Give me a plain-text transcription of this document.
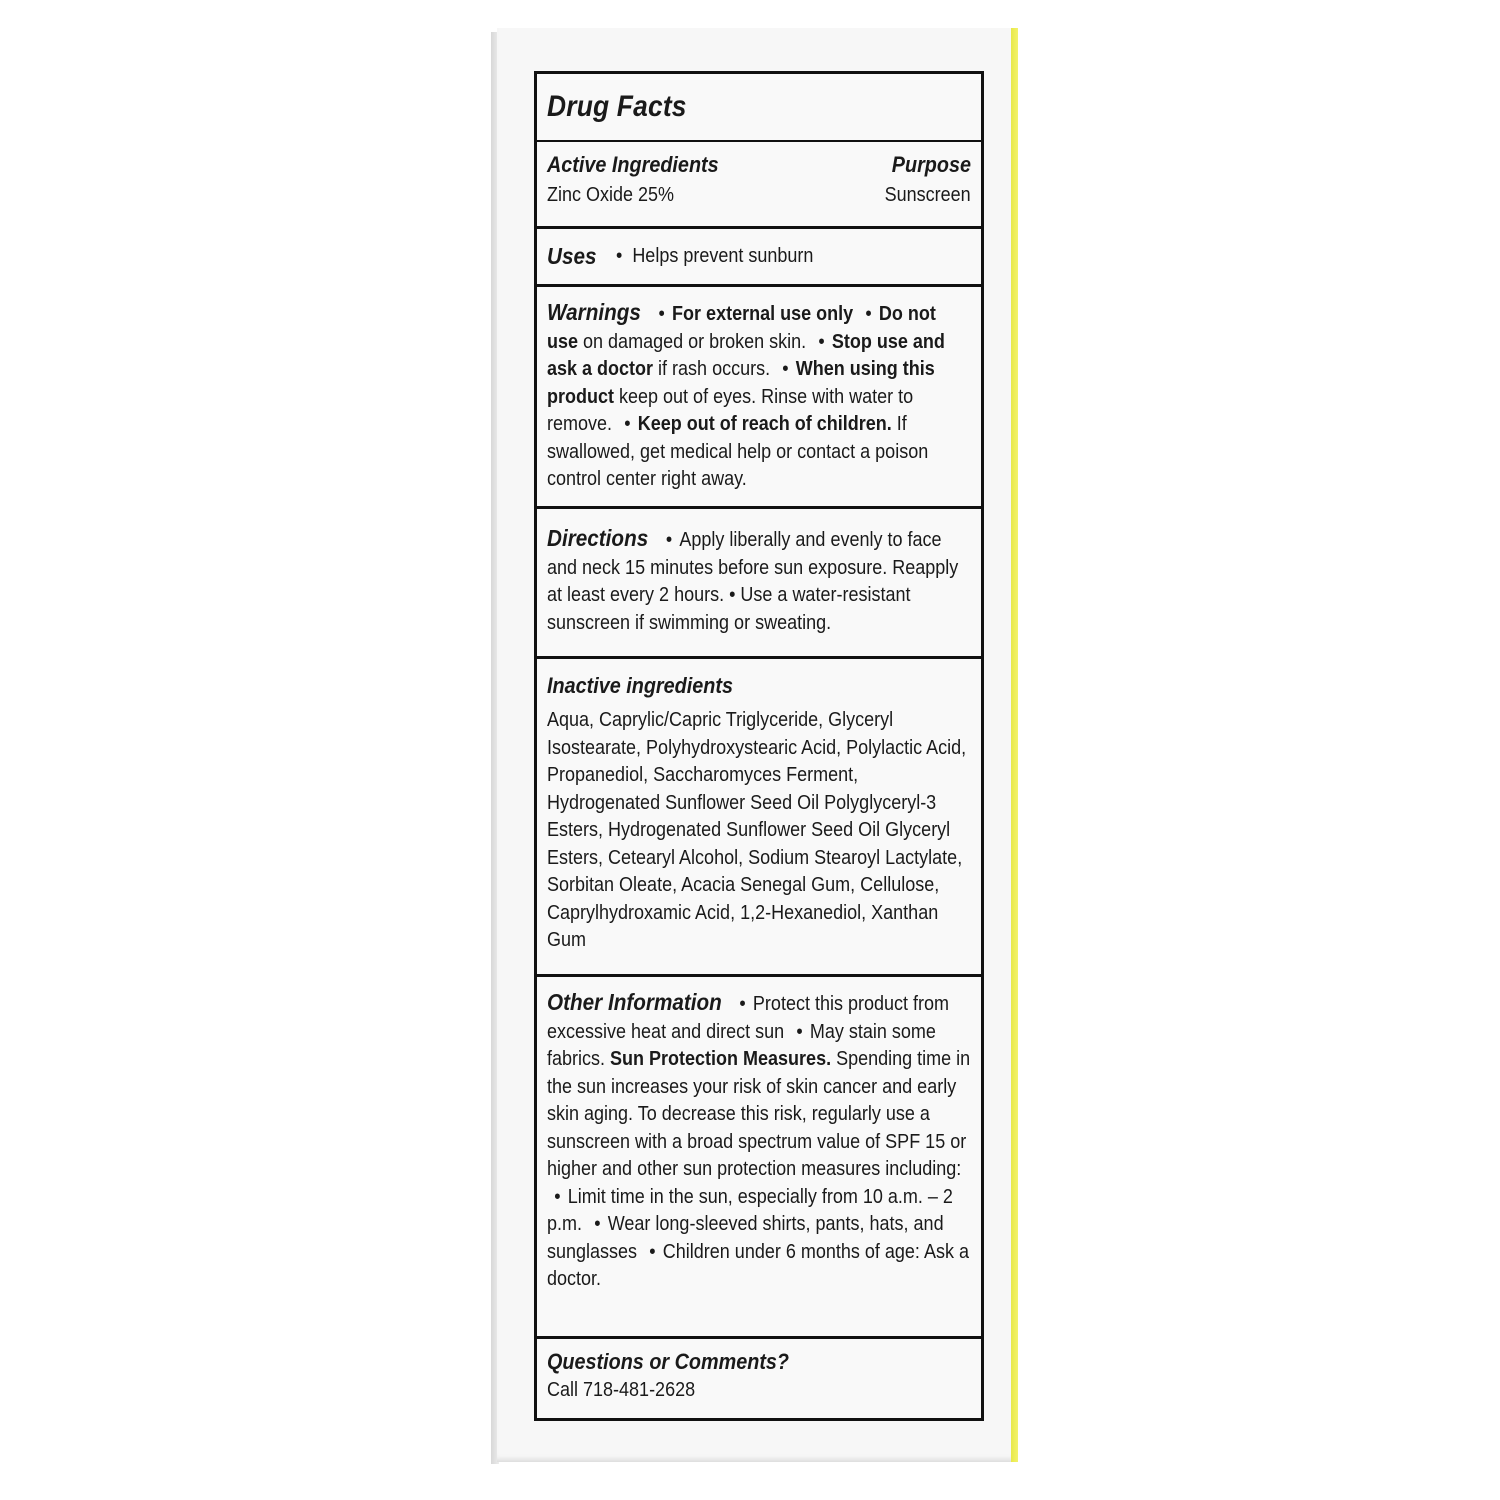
Drug Facts
Active Ingredients	Purpose
Zinc Oxide 25%	Sunscreen
Uses •  Helps prevent sunburn
Warnings • For external use only • Do not use on damaged or broken skin. • Stop use and ask a doctor if rash occurs. • When using this product keep out of eyes. Rinse with water to remove. • Keep out of reach of children. If swallowed, get medical help or contact a poison control center right away.
Directions • Apply liberally and evenly to face and neck 15 minutes before sun exposure. Reapply at least every 2 hours. • Use a water-resistant sunscreen if swimming or sweating.
Inactive ingredients
Aqua, Caprylic/Capric Triglyceride, Glyceryl Isostearate, Polyhydroxystearic Acid, Polylactic Acid, Propanediol, Saccharomyces Ferment, Hydrogenated Sunflower Seed Oil Polyglyceryl-3 Esters, Hydrogenated Sunflower Seed Oil Glyceryl Esters, Cetearyl Alcohol, Sodium Stearoyl Lactylate, Sorbitan Oleate, Acacia Senegal Gum, Cellulose, Caprylhydroxamic Acid, 1,2-Hexanediol, Xanthan Gum
Other Information • Protect this product from excessive heat and direct sun • May stain some fabrics. Sun Protection Measures. Spending time in the sun increases your risk of skin cancer and early skin aging. To decrease this risk, regularly use a sunscreen with a broad spectrum value of SPF 15 or higher and other sun protection measures including: • Limit time in the sun, especially from 10 a.m. – 2 p.m. • Wear long-sleeved shirts, pants, hats, and sunglasses • Children under 6 months of age: Ask a doctor.
Questions or Comments?
Call 718-481-2628
